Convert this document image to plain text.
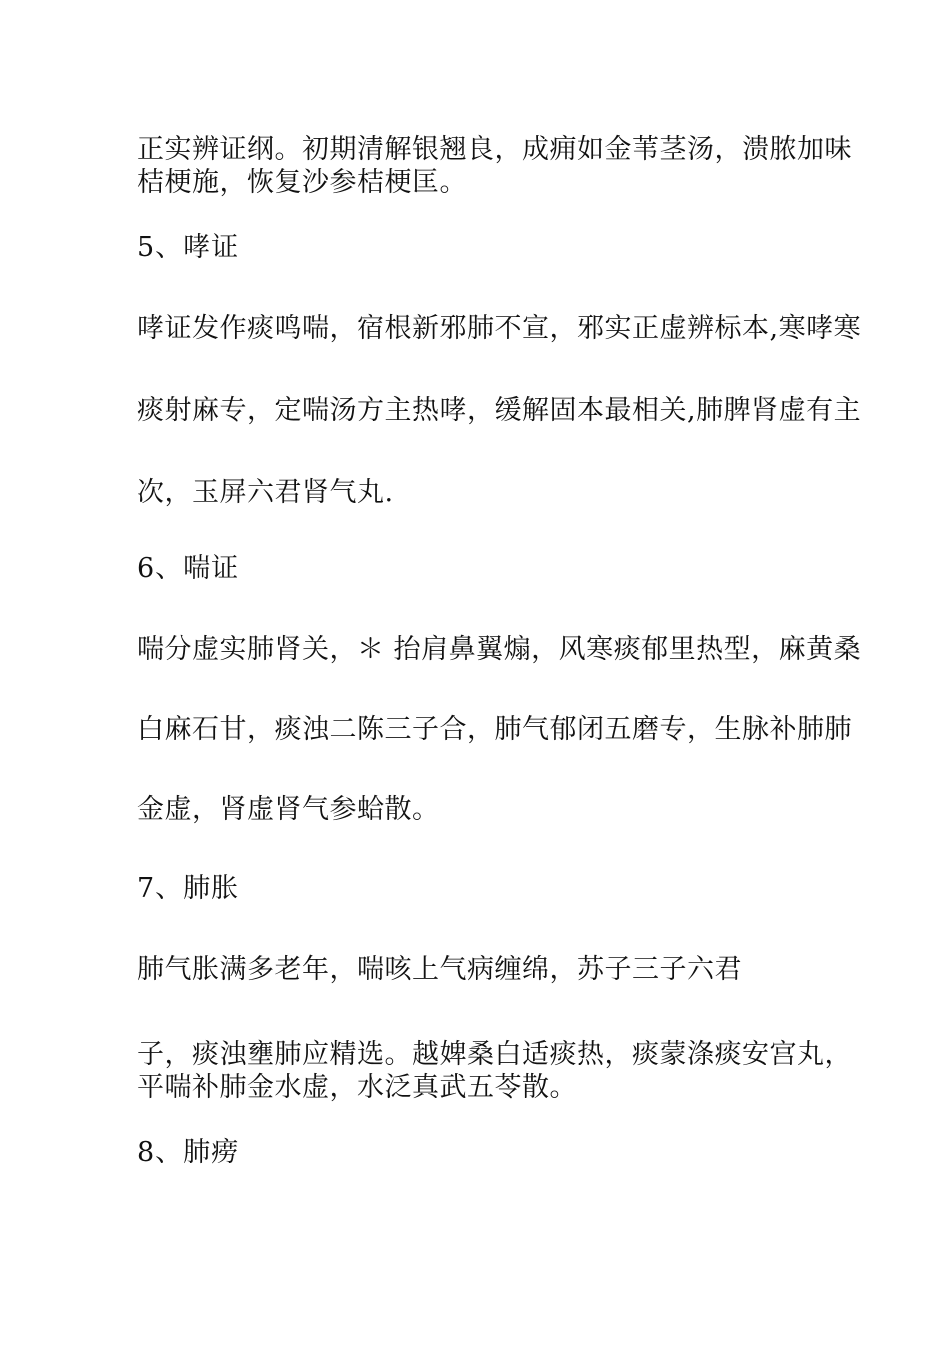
正实辨证纲。初期清解银翘良，成痈如金苇茎汤，溃脓加味
桔梗施，恢复沙参桔梗匡。
5、哮证
哮证发作痰鸣喘，宿根新邪肺不宣，邪实正虚辨标本,寒哮寒
痰射麻专，定喘汤方主热哮，缓解固本最相关,肺脾肾虚有主
次，玉屏六君肾气丸.
6、喘证
喘分虚实肺肾关，＊ 抬肩鼻翼煽，风寒痰郁里热型，麻黄桑
白麻石甘，痰浊二陈三子合，肺气郁闭五磨专，生脉补肺肺
金虚，肾虚肾气参蛤散。
7、肺胀
肺气胀满多老年，喘咳上气病缠绵，苏子三子六君
子，痰浊壅肺应精选。越婢桑白适痰热，痰蒙涤痰安宫丸，
平喘补肺金水虚，水泛真武五苓散。
8、肺痨
